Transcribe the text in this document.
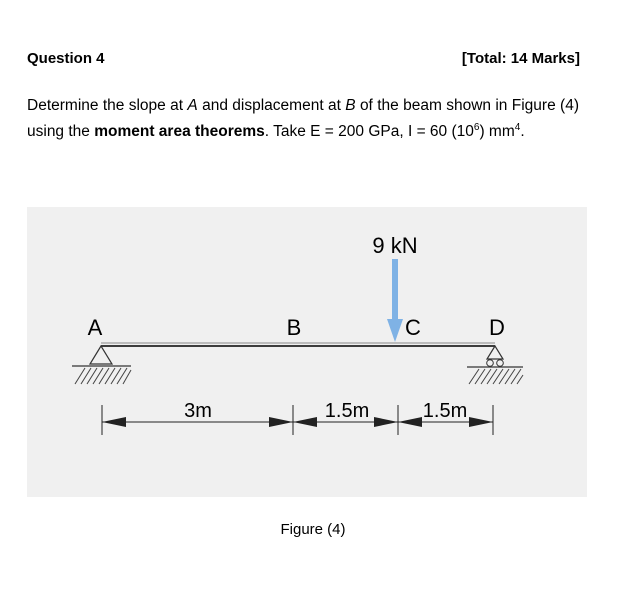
Question 4	[Total: 14 Marks]
Determine the slope at A and displacement at B of the beam shown in Figure (4) using the moment area theorems. Take E = 200 GPa, I = 60 $(10^6)$ $mm^4$.
9 kN
A	B	C	D
3m	1.5m	1.5m
Figure (4)
